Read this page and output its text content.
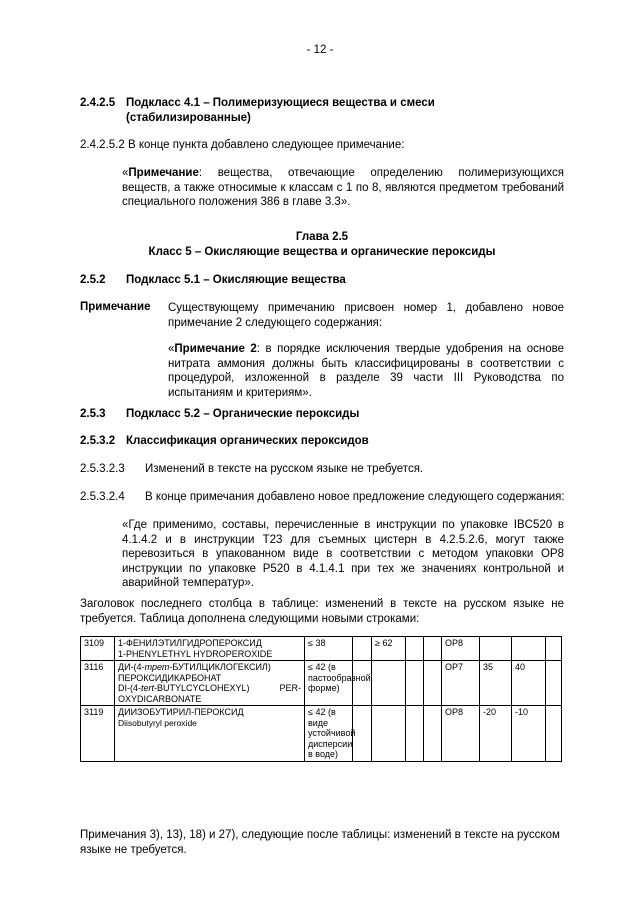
- 12 -
2.4.2.5 Подкласс 4.1 – Полимеризующиеся вещества и смеси
(стабилизированные)
2.4.2.5.2 В конце пункта добавлено следующее примечание:
«Примечание: вещества, отвечающие определению полимеризующихся веществ, а также относимые к классам с 1 по 8, являются предметом требований специального положения 386 в главе 3.3».
Глава 2.5
Класс 5 – Окисляющие вещества и органические пероксиды
2.5.2 Подкласс 5.1 – Окисляющие вещества
Примечание Существующему примечанию присвоен номер 1, добавлено новое примечание 2 следующего содержания:
«Примечание 2: в порядке исключения твердые удобрения на основе нитрата аммония должны быть классифицированы в соответствии с процедурой, изложенной в разделе 39 части III Руководства по испытаниям и критериям».
2.5.3 Подкласс 5.2 – Органические пероксиды
2.5.3.2 Классификация органических пероксидов
2.5.3.2.3 Изменений в тексте на русском языке не требуется.
2.5.3.2.4 В конце примечания добавлено новое предложение следующего содержания:
«Где применимо, составы, перечисленные в инструкции по упаковке IBC520 в 4.1.4.2 и в инструкции T23 для съемных цистерн в 4.2.5.2.6, могут также перевозиться в упакованном виде в соответствии с методом упаковки OP8 инструкции по упаковке P520 в 4.1.4.1 при тех же значениях контрольной и аварийной температур».
Заголовок последнего столбца в таблице: изменений в тексте на русском языке не требуется. Таблица дополнена следующими новыми строками:
3109	1-ФЕНИЛЭТИЛГИДРОПЕРОКСИД
1-PHENYLETHYL HYDROPEROXIDE	≤ 38		≥ 62			OP8			
3116	ДИ-(4-трет-БУТИЛЦИКЛОГЕКСИЛ) ПЕРОКСИДИКАРБОНАТ
DI-(4-tert-BUTYLCYCLOHEXYL) PER-OXYDICARBONATE	≤ 42 (в пастообразной форме)					OP7	35	40	
3119	ДИИЗОБУТИРИЛ-ПЕРОКСИД
Diisobutyryl peroxide	≤ 42 (в виде устойчивой дисперсии в воде)					OP8	-20	-10	
Примечания 3), 13), 18) и 27), следующие после таблицы: изменений в тексте на русском языке не требуется.
